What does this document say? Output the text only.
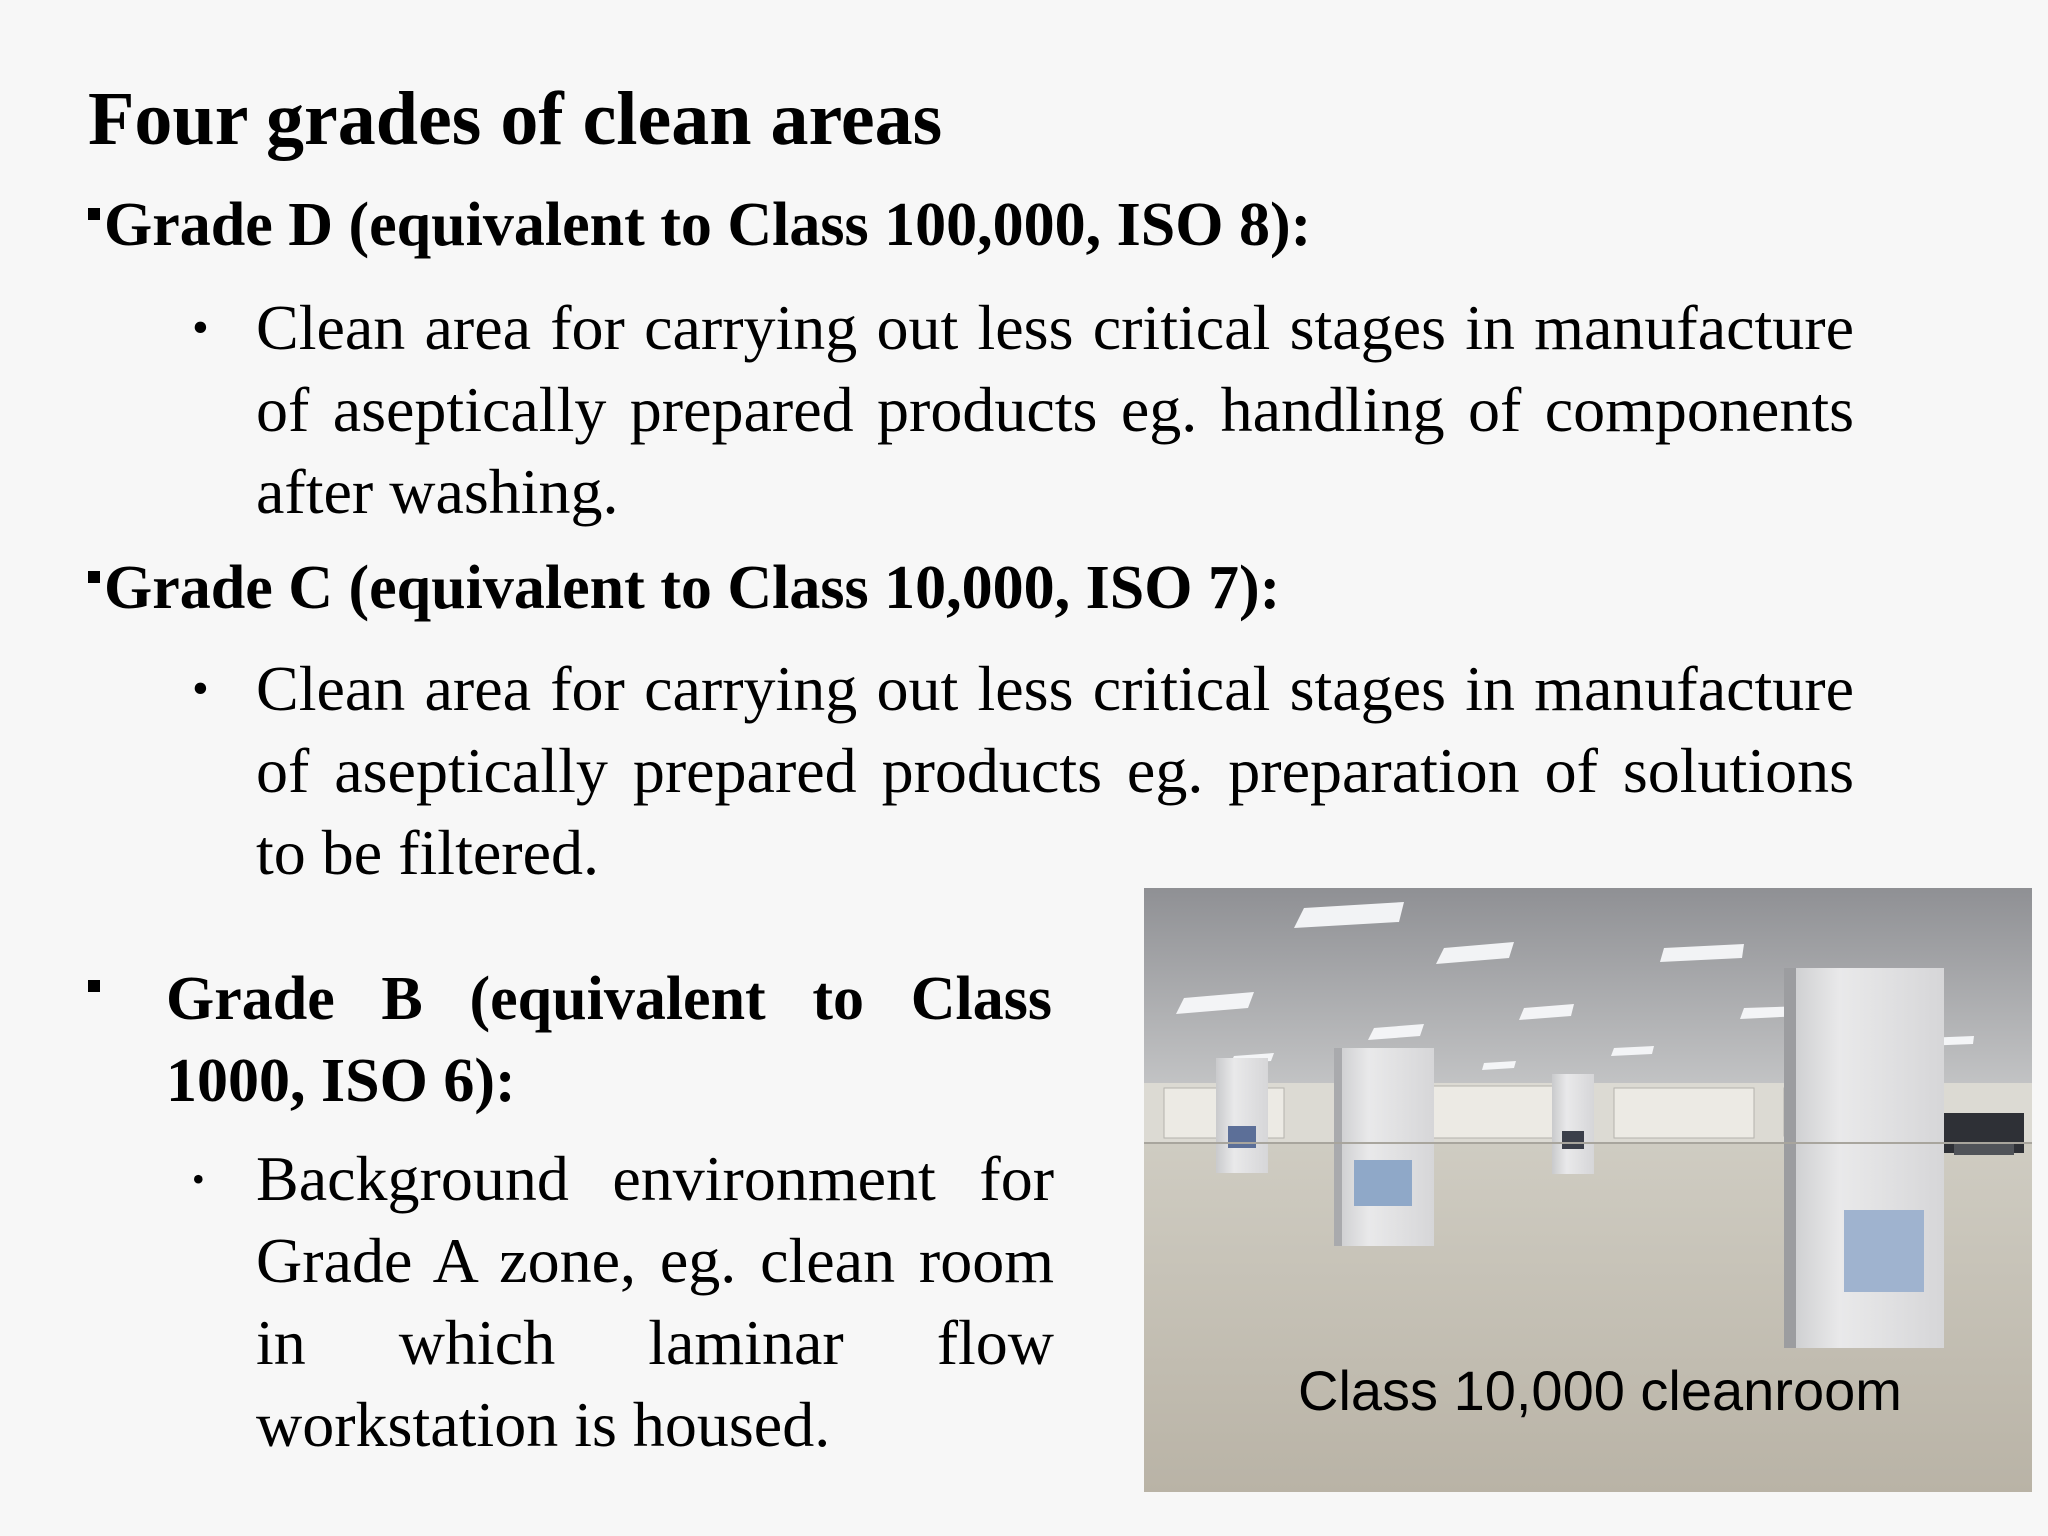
Four grades of clean areas
Grade D (equivalent to Class 100,000, ISO 8):
• Clean area for carrying out less critical stages in manufacture of aseptically prepared products eg. handling of components after washing.
Grade C (equivalent to Class 10,000, ISO 7):
• Clean area for carrying out less critical stages in manufacture of aseptically prepared products eg. preparation of solutions to be filtered.
Grade B (equivalent to Class 1000, ISO 6):
• Background environment for Grade A zone, eg. clean room in which laminar flow workstation is housed.	Class 10,000 cleanroom
